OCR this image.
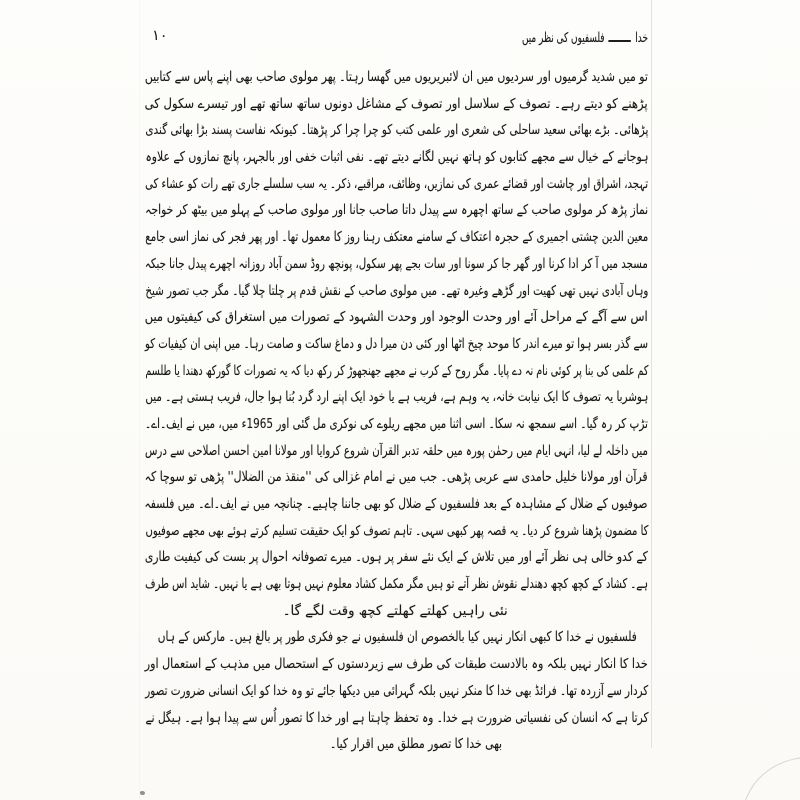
۱۰	خدا  فلسفیوں کی نظر میں
تو میں شدید گرمیوں اور سردیوں میں ان لائبریریوں میں گھسا رہتا۔ پھر مولوی صاحب بھی اپنے پاس سے کتابیں
پڑھنے کو دیتے رہے۔ تصوف کے سلاسل اور تصوف کے مشاغل دونوں ساتھ ساتھ تھے اور تیسرے سکول کی
پڑھائی۔ بڑے بھائی سعید ساحلی کی شعری اور علمی کتب کو چرا چرا کر پڑھتا۔ کیونکہ نفاست پسند بڑا بھائی گندی
ہوجانے کے خیال سے مجھے کتابوں کو ہاتھ نہیں لگانے دیتے تھے۔ نفی اثبات خفی اور بالجہر، پانچ نمازوں کے علاوہ
تہجد، اشراق اور چاشت اور قضائے عمری کی نمازیں، وظائف، مراقبے، ذکر۔ یہ سب سلسلے جاری تھے رات کو عشاء کی
نماز پڑھ کر مولوی صاحب کے ساتھ اچھرہ سے پیدل داتا صاحب جانا اور مولوی صاحب کے پہلو میں بیٹھ کر خواجہ
معین الدین چشتی اجمیری کے حجرہ اعتکاف کے سامنے معتکف رہنا روز کا معمول تھا۔ اور پھر فجر کی نماز اسی جامع
مسجد میں آ کر ادا کرنا اور گھر جا کر سونا اور سات بجے پھر سکول، پونچھ روڈ سمن آباد روزانہ اچھرے پیدل جانا جبکہ
وہاں آبادی نہیں تھی کھیت اور گڑھے وغیرہ تھے۔ میں مولوی صاحب کے نقش قدم پر چلتا چلا گیا۔ مگر جب تصور شیخ
اس سے آگے کے مراحل آئے اور وحدت الوجود اور وحدت الشہود کے تصورات میں استغراق کی کیفیتوں میں
سے گذر بسر ہوا تو میرے اندر کا موحد چیخ اٹھا اور کئی دن میرا دل و دماغ ساکت و صامت رہا۔ میں اپنی ان کیفیات کو
کم علمی کی بنا پر کوئی نام نہ دے پایا۔ مگر روح کے کرب نے مجھے جھنجھوڑ کر رکھ دیا کہ یہ تصورات کا گورکھ دھندا یا طلسم
ہوشربا یہ تصوف کا ایک نیابت خانہ، یہ وہم ہے، فریب ہے یا خود ایک اپنے ارد گرد بُنا ہوا جال، فریب ہستی ہے۔ میں
تڑپ کر رہ گیا۔ اسے سمجھ نہ سکا۔ اسی اثنا میں مجھے ریلوے کی نوکری مل گئی اور 1965ء میں، میں نے ایف۔اے۔
میں داخلہ لے لیا، انہی ایام میں رحمٰن پورہ میں حلقہ تدبر القرآن شروع کروایا اور مولانا امین احسن اصلاحی سے درس
قرآن اور مولانا خلیل حامدی سے عربی پڑھی۔ جب میں نے امام غزالی کی ''منقذ من الضلال'' پڑھی تو سوچا کہ
صوفیوں کے ضلال کے مشاہدہ کے بعد فلسفیوں کے ضلال کو بھی جاننا چاہیے۔ چنانچہ میں نے ایف۔اے۔ میں فلسفہ
کا مضمون پڑھنا شروع کر دیا۔ یہ قصہ پھر کبھی سہی۔ تاہم تصوف کو ایک حقیقت تسلیم کرتے ہوئے بھی مجھے صوفیوں
کے کدو خالی ہی نظر آئے اور میں تلاش کے ایک نئے سفر پر ہوں۔ میرے تصوفانہ احوال پر بست کی کیفیت طاری
ہے۔ کشاد کے کچھ کچھ دھندلے نقوش نظر آتے تو ہیں مگر مکمل کشاد معلوم نہیں ہوتا بھی ہے یا نہیں۔ شاید اس طرف
نئی راہیں کھلتے کھلتے کچھ وقت لگے گا۔
فلسفیوں نے خدا کا کبھی انکار نہیں کیا بالخصوص ان فلسفیوں نے جو فکری طور پر بالغ ہیں۔ مارکس کے ہاں
خدا کا انکار نہیں بلکہ وہ بالادست طبقات کی طرف سے زیردستوں کے استحصال میں مذہب کے استعمال اور
کردار سے آزردہ تھا۔ فرائڈ بھی خدا کا منکر نہیں بلکہ گہرائی میں دیکھا جائے تو وہ خدا کو ایک انسانی ضرورت تصور
کرتا ہے کہ انسان کی نفسیاتی ضرورت ہے خدا۔ وہ تحفظ چاہتا ہے اور خدا کا تصور اُس سے پیدا ہوا ہے۔ ہیگل نے
بھی خدا کا تصور مطلق میں اقرار کیا۔
